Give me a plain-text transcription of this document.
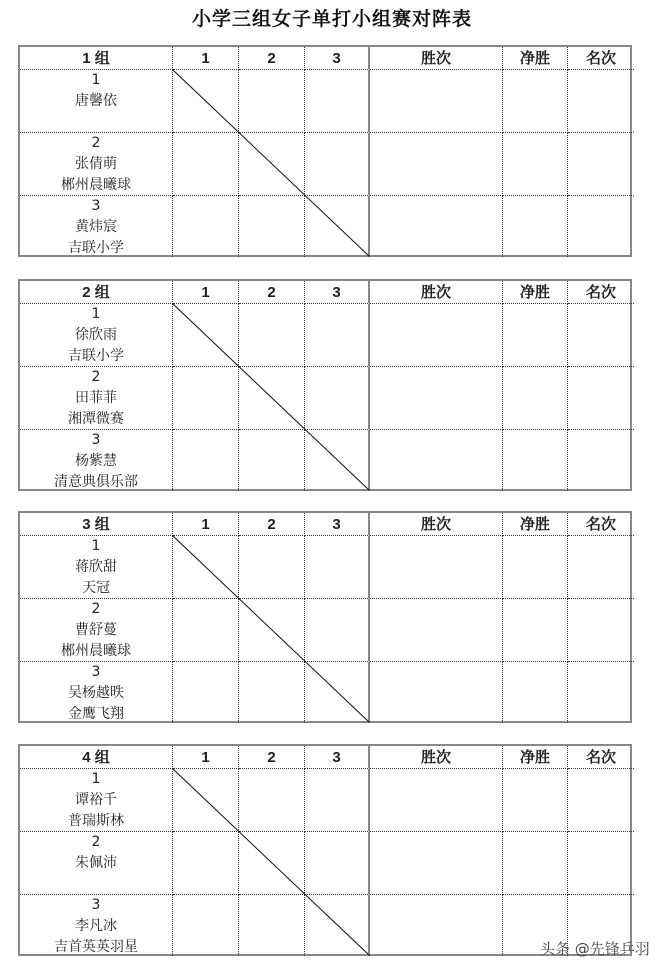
小学三组女子单打小组赛对阵表
1 组	1	2	3	胜次	净胜	名次
1
唐馨依
2
张倩萌
郴州晨曦球
3
黄炜宸
吉联小学
2 组	1	2	3	胜次	净胜	名次
1
徐欣雨
吉联小学
2
田菲菲
湘潭微赛
3
杨紫慧
清意典俱乐部
3 组	1	2	3	胜次	净胜	名次
1
蒋欣甜
天冠
2
曹舒蔓
郴州晨曦球
3
吴杨越昳
金鹰飞翔
4 组	1	2	3	胜次	净胜	名次
1
谭裕千
普瑞斯林
2
朱佩沛
3
李凡冰
吉首英英羽星	头条 @先锋乒羽
